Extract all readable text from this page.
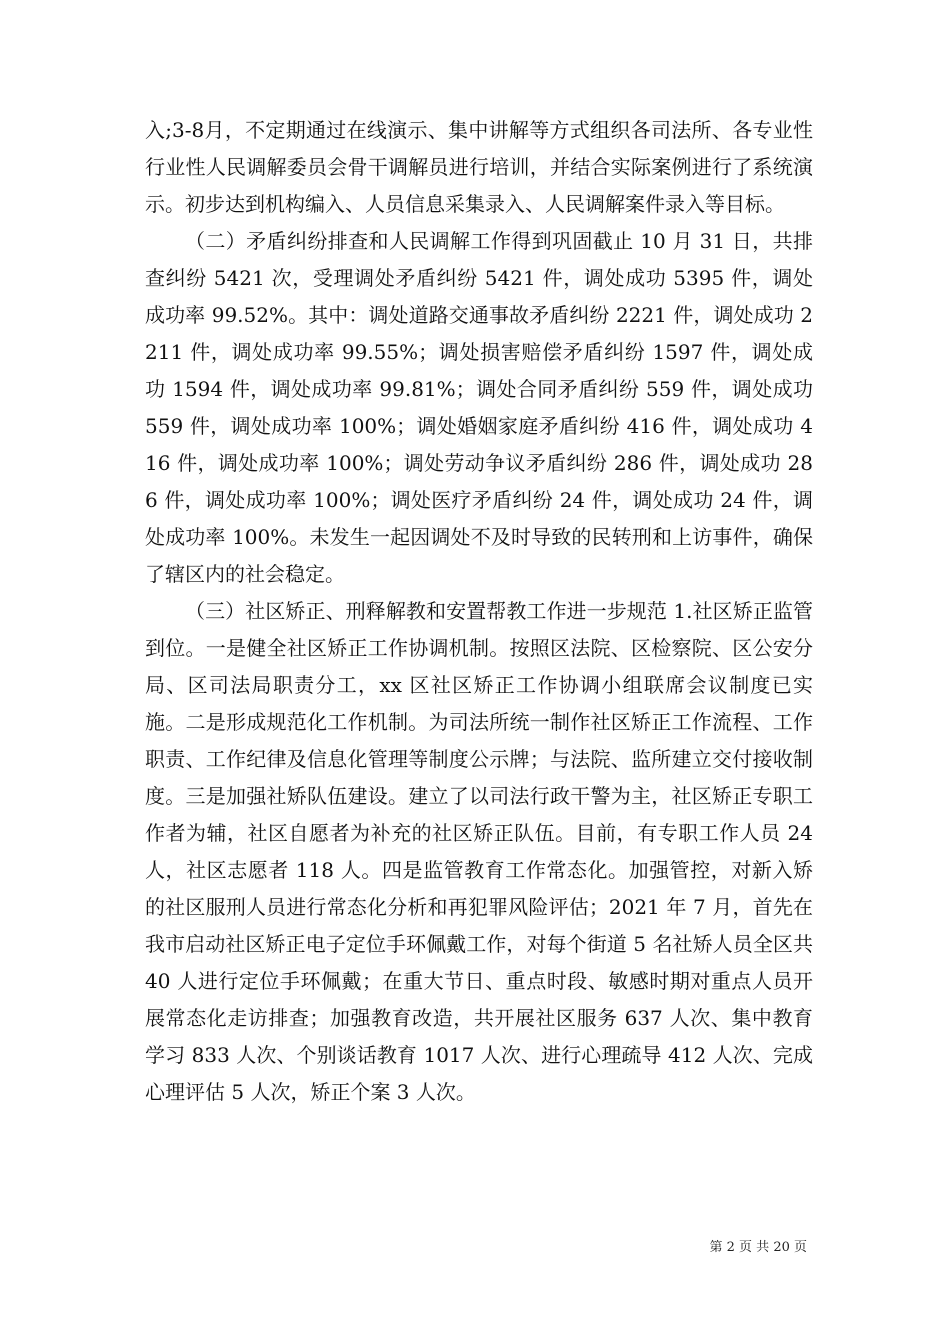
入;3-8月，不定期通过在线演示、集中讲解等方式组织各司法所、各专业性行业性人民调解委员会骨干调解员进行培训，并结合实际案例进行了系统演示。初步达到机构编入、人员信息采集录入、人民调解案件录入等目标。

（二）矛盾纠纷排查和人民调解工作得到巩固截止 10 月 31 日，共排查纠纷 5421 次，受理调处矛盾纠纷 5421 件，调处成功 5395 件，调处成功率 99.52%。其中：调处道路交通事故矛盾纠纷 2221 件，调处成功 2211 件，调处成功率 99.55%；调处损害赔偿矛盾纠纷 1597 件，调处成功 1594 件，调处成功率 99.81%；调处合同矛盾纠纷 559 件，调处成功 559 件，调处成功率 100%；调处婚姻家庭矛盾纠纷 416 件，调处成功 416 件，调处成功率 100%；调处劳动争议矛盾纠纷 286 件，调处成功 286 件，调处成功率 100%；调处医疗矛盾纠纷 24 件，调处成功 24 件，调处成功率 100%。未发生一起因调处不及时导致的民转刑和上访事件，确保了辖区内的社会稳定。

（三）社区矫正、刑释解教和安置帮教工作进一步规范 1.社区矫正监管到位。一是健全社区矫正工作协调机制。按照区法院、区检察院、区公安分局、区司法局职责分工，xx 区社区矫正工作协调小组联席会议制度已实施。二是形成规范化工作机制。为司法所统一制作社区矫正工作流程、工作职责、工作纪律及信息化管理等制度公示牌；与法院、监所建立交付接收制度。三是加强社矫队伍建设。建立了以司法行政干警为主，社区矫正专职工作者为辅，社区自愿者为补充的社区矫正队伍。目前，有专职工作人员 24 人，社区志愿者 118 人。四是监管教育工作常态化。加强管控，对新入矫的社区服刑人员进行常态化分析和再犯罪风险评估；2021 年 7 月，首先在我市启动社区矫正电子定位手环佩戴工作，对每个街道 5 名社矫人员全区共 40 人进行定位手环佩戴；在重大节日、重点时段、敏感时期对重点人员开展常态化走访排查；加强教育改造，共开展社区服务 637 人次、集中教育学习 833 人次、个别谈话教育 1017 人次、进行心理疏导 412 人次、完成心理评估 5 人次，矫正个案 3 人次。

第 2 页 共 20 页
